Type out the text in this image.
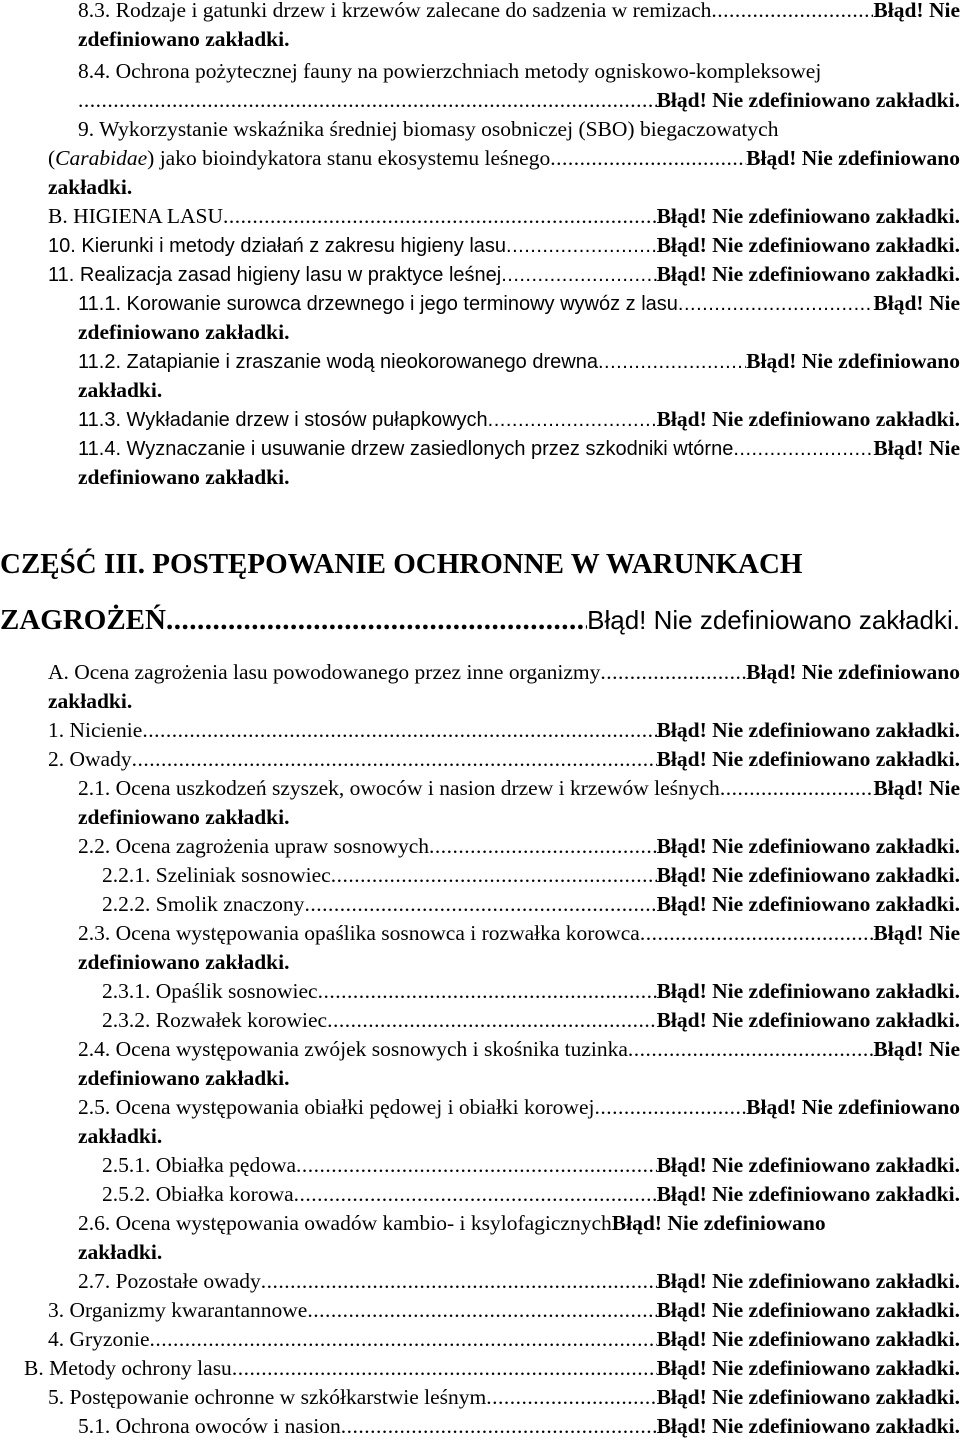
8.3. Rodzaje i gatunki drzew i krzewów zalecane do sadzenia w remizach .....	Błąd! Nie
zdefiniowano zakładki.
8.4. Ochrona pożytecznej fauny na powierzchniach metody ogniskowo-kompleksowej
.....
Błąd! Nie zdefiniowano zakładki.
9. Wykorzystanie wskaźnika średniej biomasy osobniczej (SBO) biegaczowatych
(Carabidae) jako bioindykatora stanu ekosystemu leśnego .....	Błąd! Nie zdefiniowano
zakładki.
B. HIGIENA LASU .....	Błąd! Nie zdefiniowano zakładki.
10. Kierunki i metody działań z zakresu higieny lasu .....	Błąd! Nie zdefiniowano zakładki.
11. Realizacja zasad higieny lasu w praktyce leśnej .....	Błąd! Nie zdefiniowano zakładki.
11.1. Korowanie surowca drzewnego i jego terminowy wywóz z lasu .....	Błąd! Nie
zdefiniowano zakładki.
11.2. Zatapianie i zraszanie wodą nieokorowanego drewna .....	Błąd! Nie zdefiniowano
zakładki.
11.3. Wykładanie drzew i stosów pułapkowych .....	Błąd! Nie zdefiniowano zakładki.
11.4. Wyznaczanie i usuwanie drzew zasiedlonych przez szkodniki wtórne .....	Błąd! Nie
zdefiniowano zakładki.
CZĘŚĆ III. POSTĘPOWANIE OCHRONNE W WARUNKACH
ZAGROŻEŃ .....	Błąd! Nie zdefiniowano zakładki.
A. Ocena zagrożenia lasu powodowanego przez inne organizmy .....	Błąd! Nie zdefiniowano
zakładki.
1. Nicienie .....	Błąd! Nie zdefiniowano zakładki.
2. Owady .....	Błąd! Nie zdefiniowano zakładki.
2.1. Ocena uszkodzeń szyszek, owoców i nasion drzew i krzewów leśnych .....	Błąd! Nie
zdefiniowano zakładki.
2.2. Ocena zagrożenia upraw sosnowych .....	Błąd! Nie zdefiniowano zakładki.
2.2.1. Szeliniak sosnowiec .....	Błąd! Nie zdefiniowano zakładki.
2.2.2. Smolik znaczony .....	Błąd! Nie zdefiniowano zakładki.
2.3. Ocena występowania opaślika sosnowca i rozwałka korowca .....	Błąd! Nie
zdefiniowano zakładki.
2.3.1. Opaślik sosnowiec .....	Błąd! Nie zdefiniowano zakładki.
2.3.2. Rozwałek korowiec .....	Błąd! Nie zdefiniowano zakładki.
2.4. Ocena występowania zwójek sosnowych i skośnika tuzinka .....	Błąd! Nie
zdefiniowano zakładki.
2.5. Ocena występowania obiałki pędowej i obiałki korowej .....	Błąd! Nie zdefiniowano
zakładki.
2.5.1. Obiałka pędowa .....	Błąd! Nie zdefiniowano zakładki.
2.5.2. Obiałka korowa .....	Błąd! Nie zdefiniowano zakładki.
2.6. Ocena występowania owadów kambio- i ksylofagicznych Błąd! Nie zdefiniowano
zakładki.
2.7. Pozostałe owady .....	Błąd! Nie zdefiniowano zakładki.
3. Organizmy kwarantannowe .....	Błąd! Nie zdefiniowano zakładki.
4. Gryzonie .....	Błąd! Nie zdefiniowano zakładki.
B. Metody ochrony lasu .....	Błąd! Nie zdefiniowano zakładki.
5. Postępowanie ochronne w szkółkarstwie leśnym .....	Błąd! Nie zdefiniowano zakładki.
5.1. Ochrona owoców i nasion .....	Błąd! Nie zdefiniowano zakładki.
